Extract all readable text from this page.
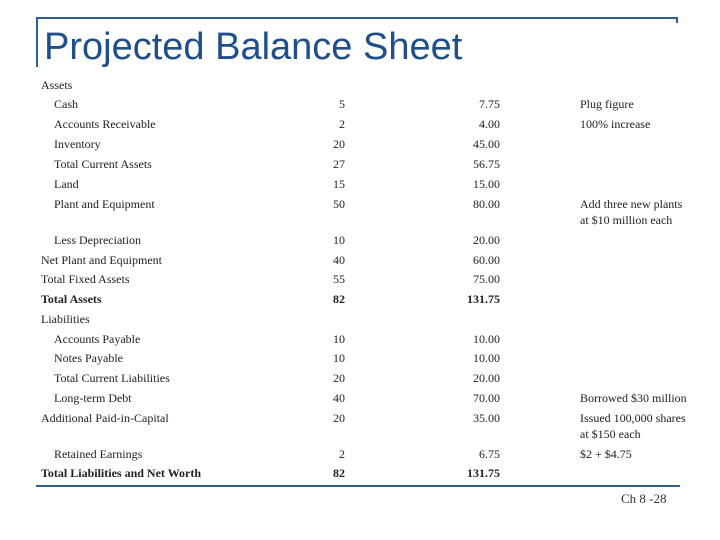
Projected Balance Sheet
Assets
Cash	5	7.75	Plug figure
Accounts Receivable	2	4.00	100% increase
Inventory	20	45.00
Total Current Assets	27	56.75
Land	15	15.00
Plant and Equipment	50	80.00	Add three new plants
at $10 million each
Less Depreciation	10	20.00
Net Plant and Equipment	40	60.00
Total Fixed Assets	55	75.00
Total Assets	82	131.75
Liabilities
Accounts Payable	10	10.00
Notes Payable	10	10.00
Total Current Liabilities	20	20.00
Long-term Debt	40	70.00	Borrowed $30 million
Additional Paid-in-Capital	20	35.00	Issued 100,000 shares
at $150 each
Retained Earnings	2	6.75	$2 + $4.75
Total Liabilities and Net Worth	82	131.75
Ch 8 -28
